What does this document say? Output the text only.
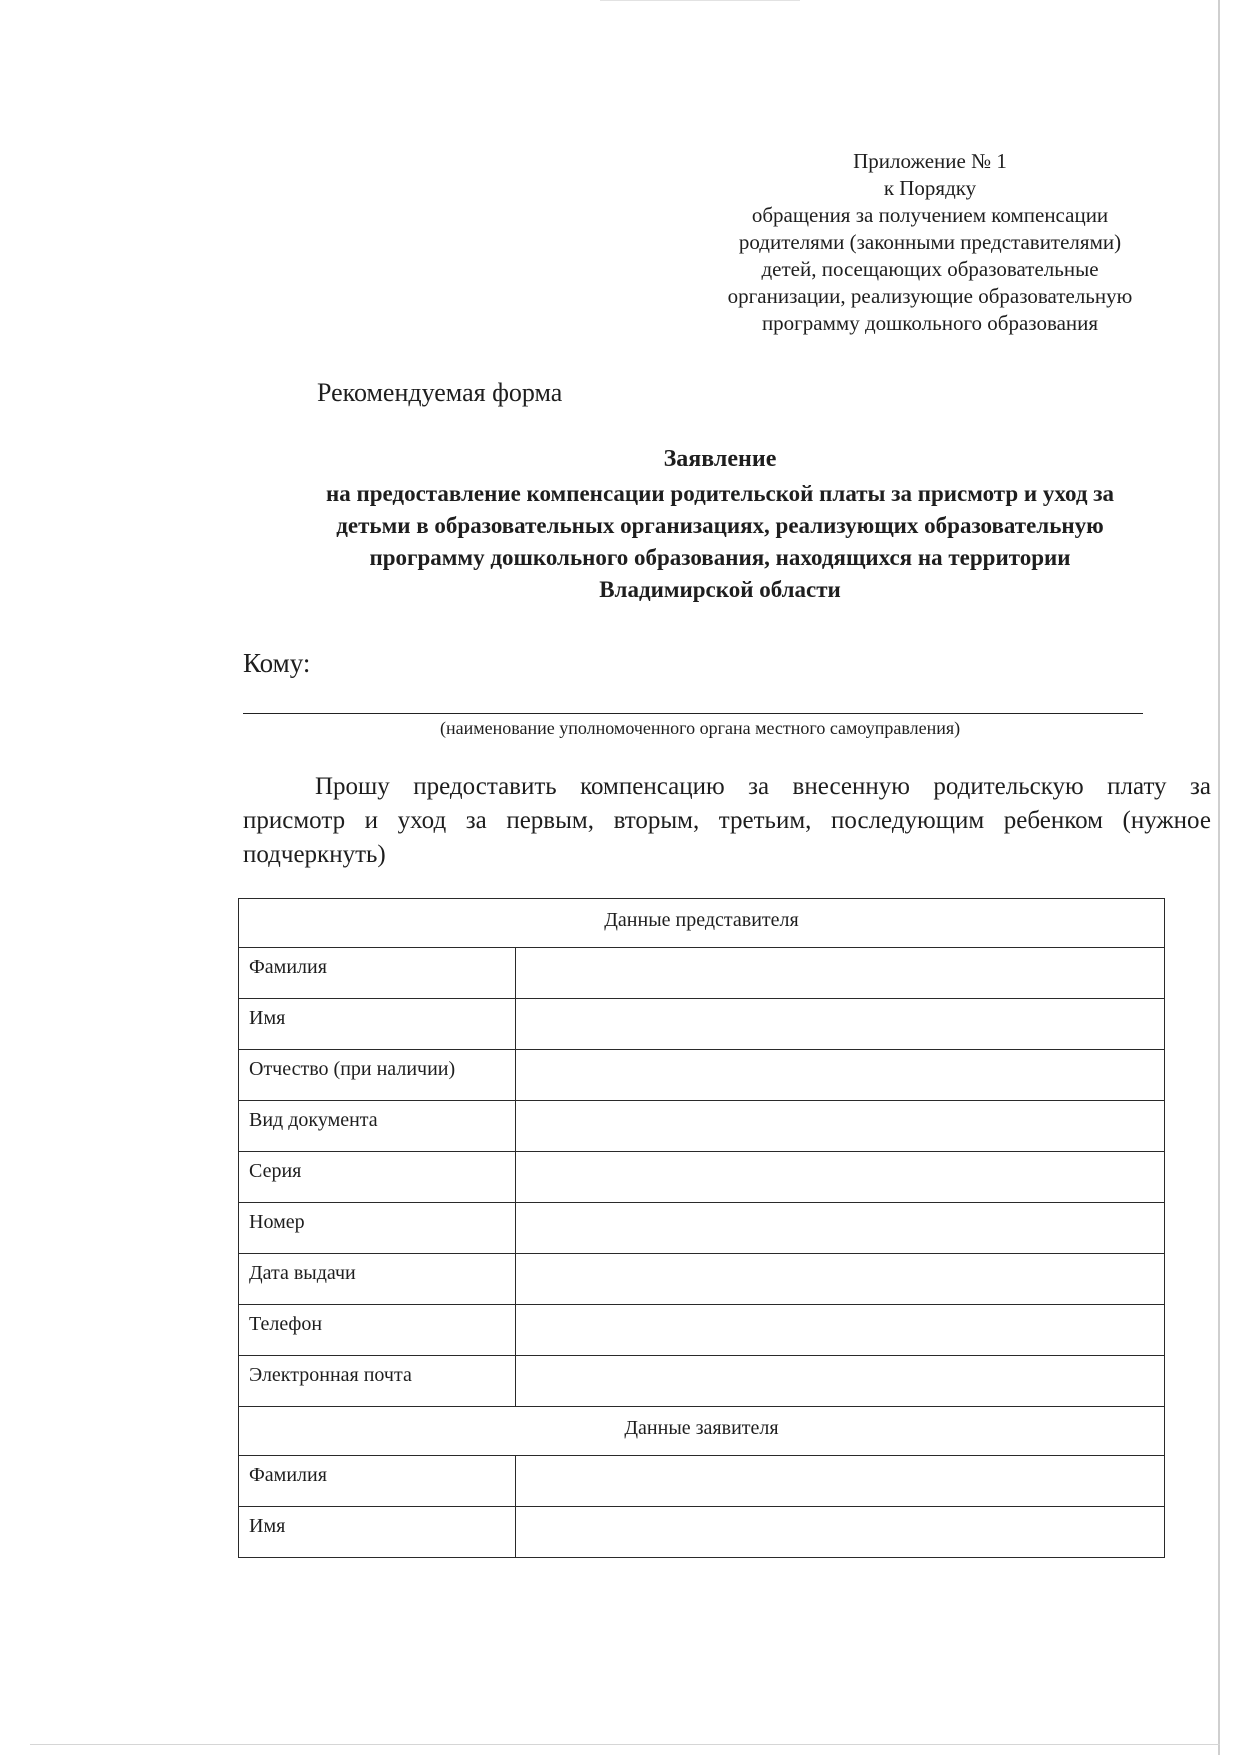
Приложение № 1
к Порядку
обращения за получением компенсации
родителями (законными представителями)
детей, посещающих образовательные
организации, реализующие образовательную
программу дошкольного образования
Рекомендуемая форма
Заявление
на предоставление компенсации родительской платы за присмотр и уход за
детьми в образовательных организациях, реализующих образовательную
программу дошкольного образования, находящихся на территории
Владимирской области
Кому:
(наименование уполномоченного органа местного самоуправления)
Прошу предоставить компенсацию за внесенную родительскую плату за
присмотр и уход за первым, вторым, третьим, последующим ребенком (нужное
подчеркнуть)
Данные представителя	
Фамилия	
Имя	
Отчество (при наличии)	
Вид документа	
Серия	
Номер	
Дата выдачи	
Телефон	
Электронная почта	
Данные заявителя	
Фамилия	
Имя	
